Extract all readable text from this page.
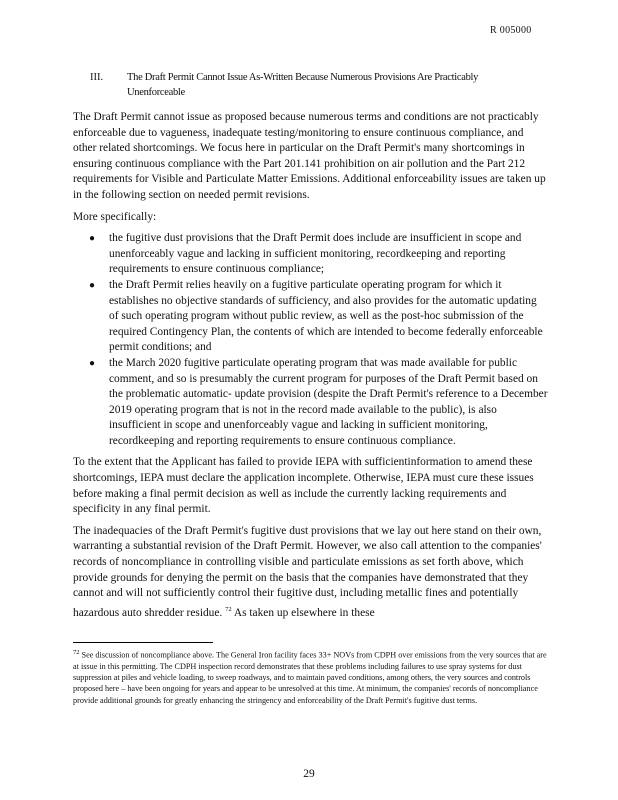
R 005000
III.	The Draft Permit Cannot Issue As-Written Because Numerous Provisions Are Practicably Unenforceable

The Draft Permit cannot issue as proposed because numerous terms and conditions are not practicably enforceable due to vagueness, inadequate testing/monitoring to ensure continuous compliance, and other related shortcomings. We focus here in particular on the Draft Permit's many shortcomings in ensuring continuous compliance with the Part 201.141 prohibition on air pollution and the Part 212 requirements for Visible and Particulate Matter Emissions. Additional enforceability issues are taken up in the following section on needed permit revisions.

More specifically:

● the fugitive dust provisions that the Draft Permit does include are insufficient in scope and unenforceably vague and lacking in sufficient monitoring, recordkeeping and reporting requirements to ensure continuous compliance;
● the Draft Permit relies heavily on a fugitive particulate operating program for which it establishes no objective standards of sufficiency, and also provides for the automatic updating of such operating program without public review, as well as the post-hoc submission of the required Contingency Plan, the contents of which are intended to become federally enforceable permit conditions; and
● the March 2020 fugitive particulate operating program that was made available for public comment, and so is presumably the current program for purposes of the Draft Permit based on the problematic automatic- update provision (despite the Draft Permit's reference to a December 2019 operating program that is not in the record made available to the public), is also insufficient in scope and unenforceably vague and lacking in sufficient monitoring, recordkeeping and reporting requirements to ensure continuous compliance.

To the extent that the Applicant has failed to provide IEPA with sufficientinformation to amend these shortcomings, IEPA must declare the application incomplete. Otherwise, IEPA must cure these issues before making a final permit decision as well as include the currently lacking requirements and specificity in any final permit.

The inadequacies of the Draft Permit's fugitive dust provisions that we lay out here stand on their own, warranting a substantial revision of the Draft Permit. However, we also call attention to the companies' records of noncompliance in controlling visible and particulate emissions as set forth above, which provide grounds for denying the permit on the basis that the companies have demonstrated that they cannot and will not sufficiently control their fugitive dust, including metallic fines and potentially hazardous auto shredder residue. $^{72}$ As taken up elsewhere in these

$^{72}$ See discussion of noncompliance above. The General Iron facility faces 33+ NOVs from CDPH over emissions from the very sources that are at issue in this permitting. The CDPH inspection record demonstrates that these problems including failures to use spray systems for dust suppression at piles and vehicle loading, to sweep roadways, and to maintain paved conditions, among others, the very sources and controls proposed here – have been ongoing for years and appear to be unresolved at this time. At minimum, the companies' records of noncompliance provide additional grounds for greatly enhancing the stringency and enforceability of the Draft Permit's fugitive dust terms.
29
